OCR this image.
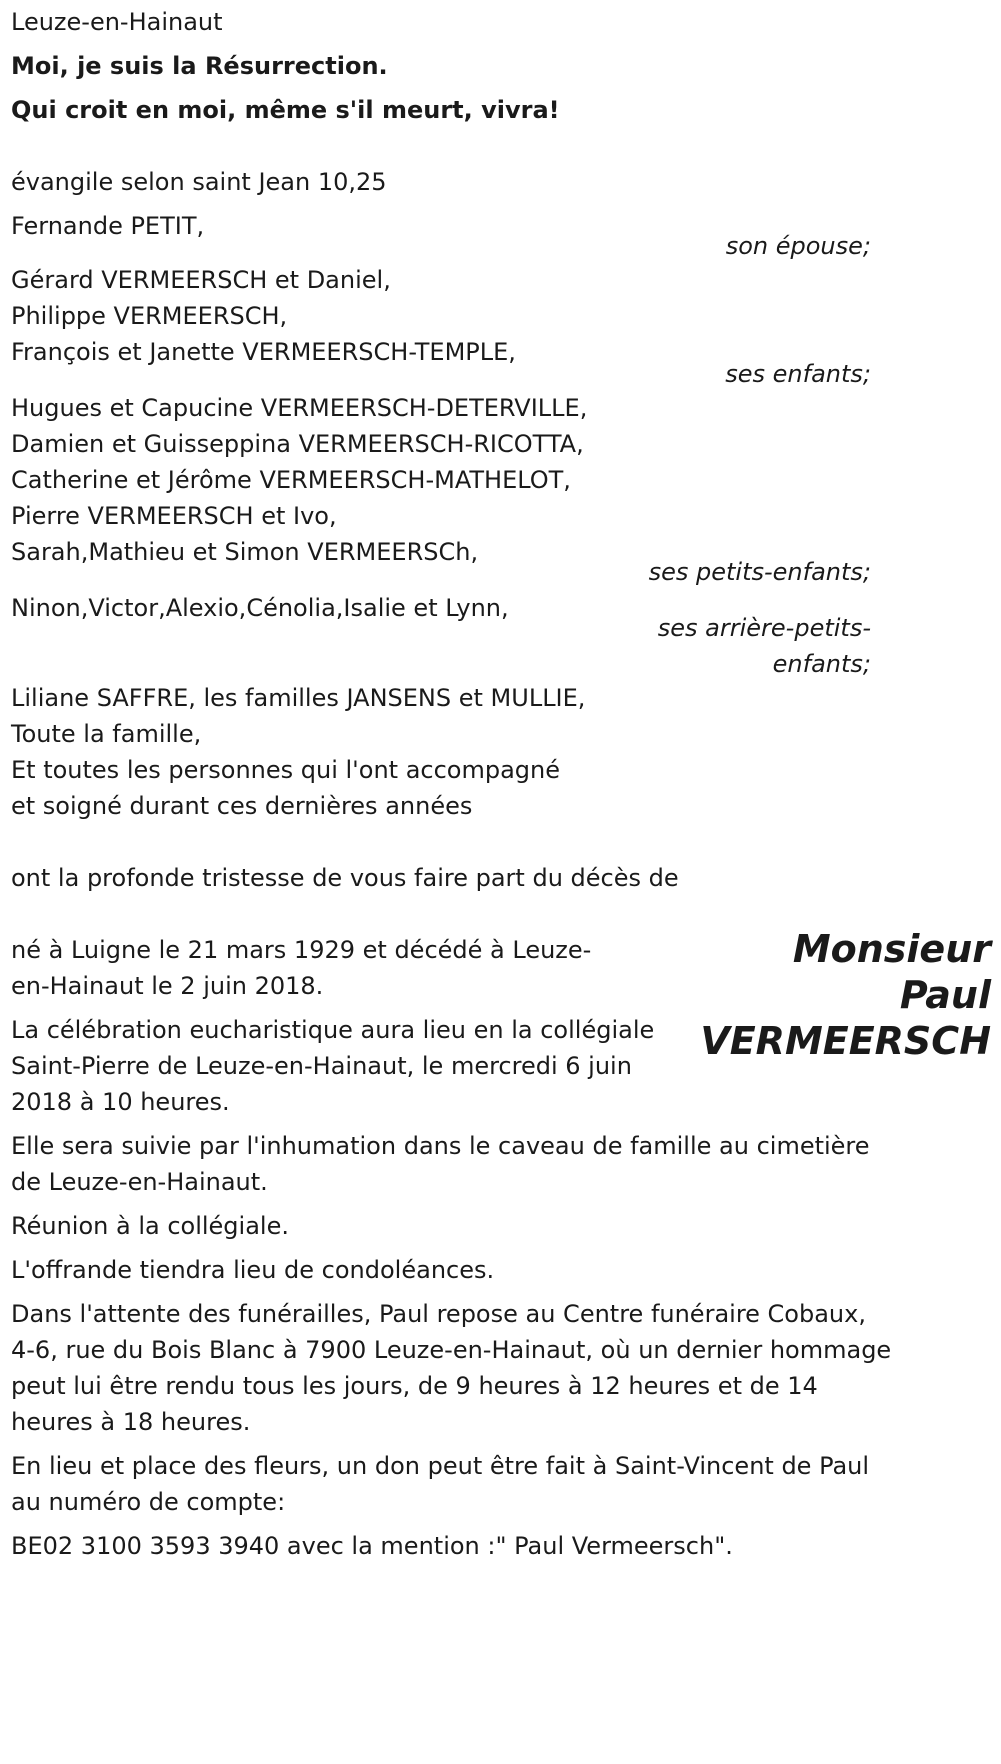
Leuze-en-Hainaut
Moi, je suis la Résurrection.
Qui croit en moi, même s'il meurt, vivra!
évangile selon saint Jean 10,25
Fernande PETIT,
son épouse;
Gérard VERMEERSCH et Daniel,
Philippe VERMEERSCH,
François et Janette VERMEERSCH-TEMPLE,
ses enfants;
Hugues et Capucine VERMEERSCH-DETERVILLE,
Damien et Guisseppina VERMEERSCH-RICOTTA,
Catherine et Jérôme VERMEERSCH-MATHELOT,
Pierre VERMEERSCH et Ivo,
Sarah,Mathieu et Simon VERMEERSCh,
ses petits-enfants;
Ninon,Victor,Alexio,Cénolia,Isalie et Lynn,
ses arrière-petits-
enfants;
Liliane SAFFRE, les familles JANSENS et MULLIE,
Toute la famille,
Et toutes les personnes qui l'ont accompagné
et soigné durant ces dernières années
ont la profonde tristesse de vous faire part du décès de
né à Luigne le 21 mars 1929 et décédé à Leuze-
en-Hainaut le 2 juin 2018.
La célébration eucharistique aura lieu en la collégiale
Saint-Pierre de Leuze-en-Hainaut, le mercredi 6 juin
2018 à 10 heures.
Elle sera suivie par l'inhumation dans le caveau de famille au cimetière
de Leuze-en-Hainaut.
Réunion à la collégiale.
L'offrande tiendra lieu de condoléances.
Dans l'attente des funérailles, Paul repose au Centre funéraire Cobaux,
4-6, rue du Bois Blanc à 7900 Leuze-en-Hainaut, où un dernier hommage
peut lui être rendu tous les jours, de 9 heures à 12 heures et de 14
heures à 18 heures.
En lieu et place des fleurs, un don peut être fait à Saint-Vincent de Paul
au numéro de compte:
BE02 3100 3593 3940 avec la mention :" Paul Vermeersch".
Monsieur
Paul
VERMEERSCH
